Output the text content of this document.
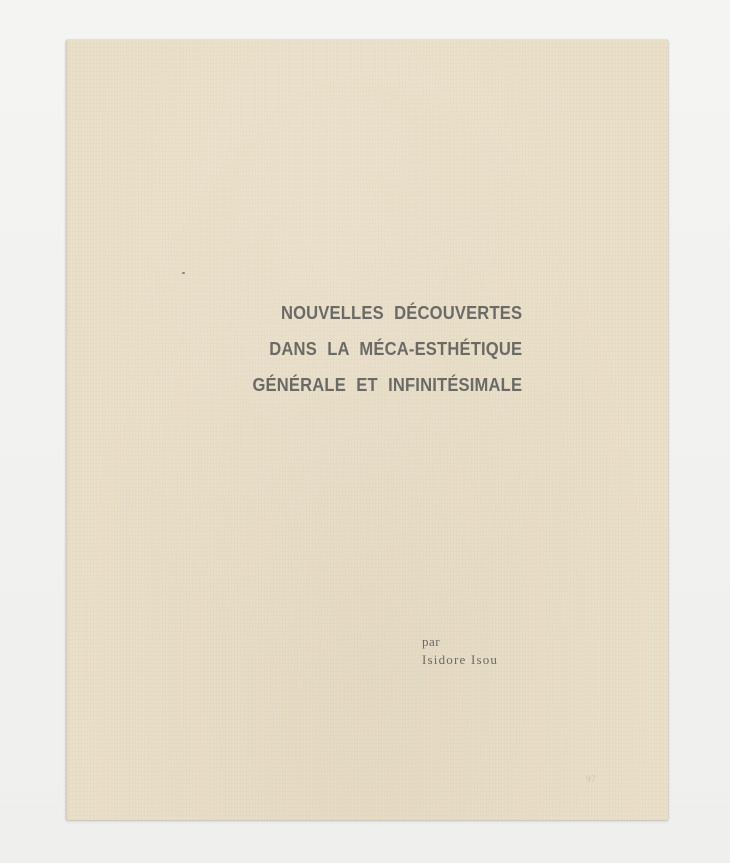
NOUVELLES DÉCOUVERTES
DANS LA MÉCA-ESTHÉTIQUE
GÉNÉRALE ET INFINITÉSIMALE
par
Isidore Isou
97
